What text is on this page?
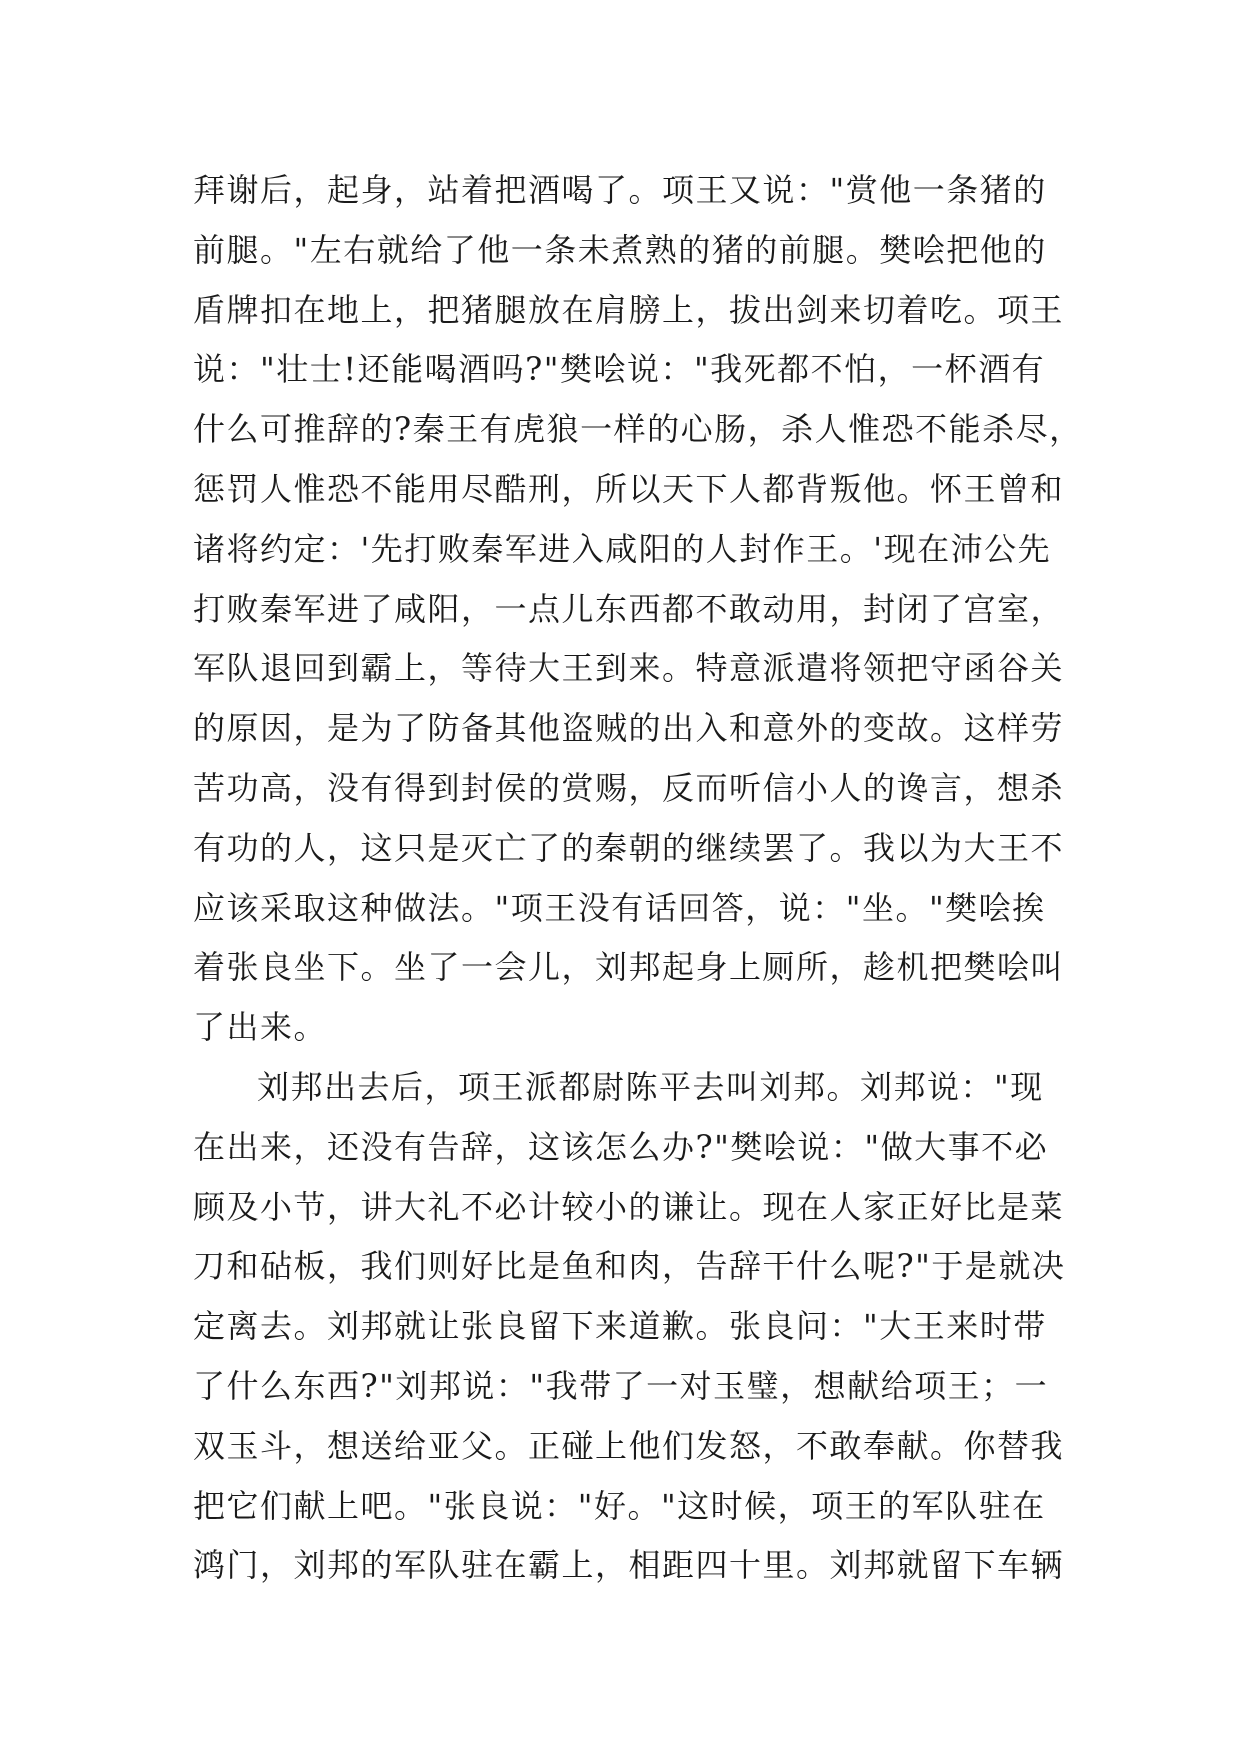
拜谢后，起身，站着把酒喝了。项王又说："赏他一条猪的
前腿。"左右就给了他一条未煮熟的猪的前腿。樊哙把他的
盾牌扣在地上，把猪腿放在肩膀上，拔出剑来切着吃。项王
说："壮士!还能喝酒吗?"樊哙说："我死都不怕，一杯酒有
什么可推辞的?秦王有虎狼一样的心肠，杀人惟恐不能杀尽，
惩罚人惟恐不能用尽酷刑，所以天下人都背叛他。怀王曾和
诸将约定：'先打败秦军进入咸阳的人封作王。'现在沛公先
打败秦军进了咸阳，一点儿东西都不敢动用，封闭了宫室，
军队退回到霸上，等待大王到来。特意派遣将领把守函谷关
的原因，是为了防备其他盗贼的出入和意外的变故。这样劳
苦功高，没有得到封侯的赏赐，反而听信小人的谗言，想杀
有功的人，这只是灭亡了的秦朝的继续罢了。我以为大王不
应该采取这种做法。"项王没有话回答，说："坐。"樊哙挨
着张良坐下。坐了一会儿，刘邦起身上厕所，趁机把樊哙叫
了出来。
刘邦出去后，项王派都尉陈平去叫刘邦。刘邦说："现
在出来，还没有告辞，这该怎么办?"樊哙说："做大事不必
顾及小节，讲大礼不必计较小的谦让。现在人家正好比是菜
刀和砧板，我们则好比是鱼和肉，告辞干什么呢?"于是就决
定离去。刘邦就让张良留下来道歉。张良问："大王来时带
了什么东西?"刘邦说："我带了一对玉璧，想献给项王；一
双玉斗，想送给亚父。正碰上他们发怒，不敢奉献。你替我
把它们献上吧。"张良说："好。"这时候，项王的军队驻在
鸿门，刘邦的军队驻在霸上，相距四十里。刘邦就留下车辆
